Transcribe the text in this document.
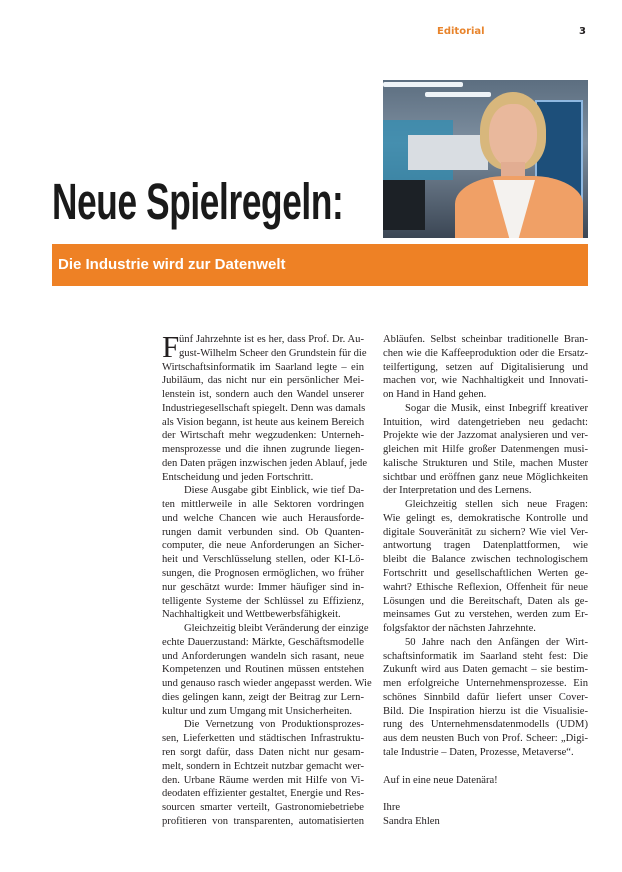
Editorial	3
Neue Spielregeln:
Die Industrie wird zur Datenwelt
F ünf Jahrzehnte ist es her, dass Prof. Dr. Au-
gust-Wilhelm Scheer den Grundstein für die
Wirtschaftsinformatik im Saarland legte – ein
Jubiläum, das nicht nur ein persönlicher Mei-
lenstein ist, sondern auch den Wandel unserer
Industriegesellschaft spiegelt. Denn was damals
als Vision begann, ist heute aus keinem Bereich
der Wirtschaft mehr wegzudenken: Unterneh-
mensprozesse und die ihnen zugrunde liegen-
den Daten prägen inzwischen jeden Ablauf, jede
Entscheidung und jeden Fortschritt.
Diese Ausgabe gibt Einblick, wie tief Da-
ten mittlerweile in alle Sektoren vordringen
und welche Chancen wie auch Herausforde-
rungen damit verbunden sind. Ob Quanten-
computer, die neue Anforderungen an Sicher-
heit und Verschlüsselung stellen, oder KI-Lö-
sungen, die Prognosen ermöglichen, wo früher
nur geschätzt wurde: Immer häufiger sind in-
telligente Systeme der Schlüssel zu Effizienz,
Nachhaltigkeit und Wettbewerbsfähigkeit.
Gleichzeitig bleibt Veränderung der einzige
echte Dauerzustand: Märkte, Geschäftsmodelle
und Anforderungen wandeln sich rasant, neue
Kompetenzen und Routinen müssen entstehen
und genauso rasch wieder angepasst werden. Wie
dies gelingen kann, zeigt der Beitrag zur Lern-
kultur und zum Umgang mit Unsicherheiten.
Die Vernetzung von Produktionsprozes-
sen, Lieferketten und städtischen Infrastruktu-
ren sorgt dafür, dass Daten nicht nur gesam-
melt, sondern in Echtzeit nutzbar gemacht wer-
den. Urbane Räume werden mit Hilfe von Vi-
deodaten effizienter gestaltet, Energie und Res-
sourcen smarter verteilt, Gastronomiebetriebe
profitieren von transparenten, automatisierten
Abläufen. Selbst scheinbar traditionelle Bran-
chen wie die Kaffeeproduktion oder die Ersatz-
teilfertigung, setzen auf Digitalisierung und
machen vor, wie Nachhaltigkeit und Innovati-
on Hand in Hand gehen.
Sogar die Musik, einst Inbegriff kreativer
Intuition, wird datengetrieben neu gedacht:
Projekte wie der Jazzomat analysieren und ver-
gleichen mit Hilfe großer Datenmengen musi-
kalische Strukturen und Stile, machen Muster
sichtbar und eröffnen ganz neue Möglichkeiten
der Interpretation und des Lernens.
Gleichzeitig stellen sich neue Fragen:
Wie gelingt es, demokratische Kontrolle und
digitale Souveränität zu sichern? Wie viel Ver-
antwortung tragen Datenplattformen, wie
bleibt die Balance zwischen technologischem
Fortschritt und gesellschaftlichen Werten ge-
wahrt? Ethische Reflexion, Offenheit für neue
Lösungen und die Bereitschaft, Daten als ge-
meinsames Gut zu verstehen, werden zum Er-
folgsfaktor der nächsten Jahrzehnte.
50 Jahre nach den Anfängen der Wirt-
schaftsinformatik im Saarland steht fest: Die
Zukunft wird aus Daten gemacht – sie bestim-
men erfolgreiche Unternehmensprozesse. Ein
schönes Sinnbild dafür liefert unser Cover-
Bild. Die Inspiration hierzu ist die Visualisie-
rung des Unternehmensdatenmodells (UDM)
aus dem neusten Buch von Prof. Scheer: „Digi-
tale Industrie – Daten, Prozesse, Metaverse“.
Auf in eine neue Datenära!
Ihre
Sandra Ehlen
